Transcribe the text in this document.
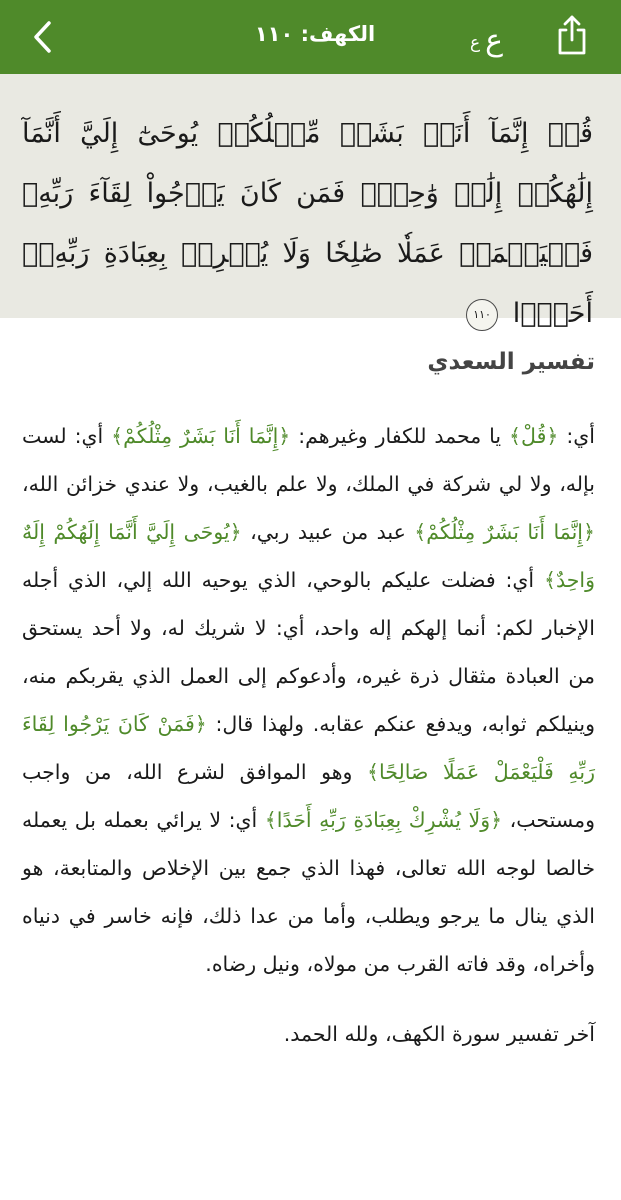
الكهف: ١١٠	ع ع
قُلۡ إِنَّمَآ أَنَا۠ بَشَرٞ مِّثۡلُكُمۡ يُوحَىٰٓ إِلَيَّ أَنَّمَآ إِلَٰهُكُمۡ إِلَٰهٞ وَٰحِدٞۖ فَمَن كَانَ يَرۡجُواْ لِقَآءَ رَبِّهِۦ فَلۡيَعۡمَلۡ عَمَلٗا صَٰلِحٗا وَلَا يُشۡرِكۡ بِعِبَادَةِ رَبِّهِۦٓ أَحَدَۢا ١١٠
تفسير السعدي
أي: ﴿قُلْ﴾ يا محمد للكفار وغيرهم: ﴿إِنَّمَا أَنَا بَشَرٌ مِثْلُكُمْ﴾ أي: لست بإله، ولا لي شركة في الملك، ولا علم بالغيب، ولا عندي خزائن الله، ﴿إِنَّمَا أَنَا بَشَرٌ مِثْلُكُمْ﴾ عبد من عبيد ربي، ﴿يُوحَى إِلَيَّ أَنَّمَا إِلَهُكُمْ إِلَهٌ وَاحِدٌ﴾ أي: فضلت عليكم بالوحي، الذي يوحيه الله إلي، الذي أجله الإخبار لكم: أنما إلهكم إله واحد، أي: لا شريك له، ولا أحد يستحق من العبادة مثقال ذرة غيره، وأدعوكم إلى العمل الذي يقربكم منه، وينيلكم ثوابه، ويدفع عنكم عقابه. ولهذا قال: ﴿فَمَنْ كَانَ يَرْجُوا لِقَاءَ رَبِّهِ فَلْيَعْمَلْ عَمَلًا صَالِحًا﴾ وهو الموافق لشرع الله، من واجب ومستحب، ﴿وَلَا يُشْرِكْ بِعِبَادَةِ رَبِّهِ أَحَدًا﴾ أي: لا يرائي بعمله بل يعمله خالصا لوجه الله تعالى، فهذا الذي جمع بين الإخلاص والمتابعة، هو الذي ينال ما يرجو ويطلب، وأما من عدا ذلك، فإنه خاسر في دنياه وأخراه، وقد فاته القرب من مولاه، ونيل رضاه.
آخر تفسير سورة الكهف، ولله الحمد.
